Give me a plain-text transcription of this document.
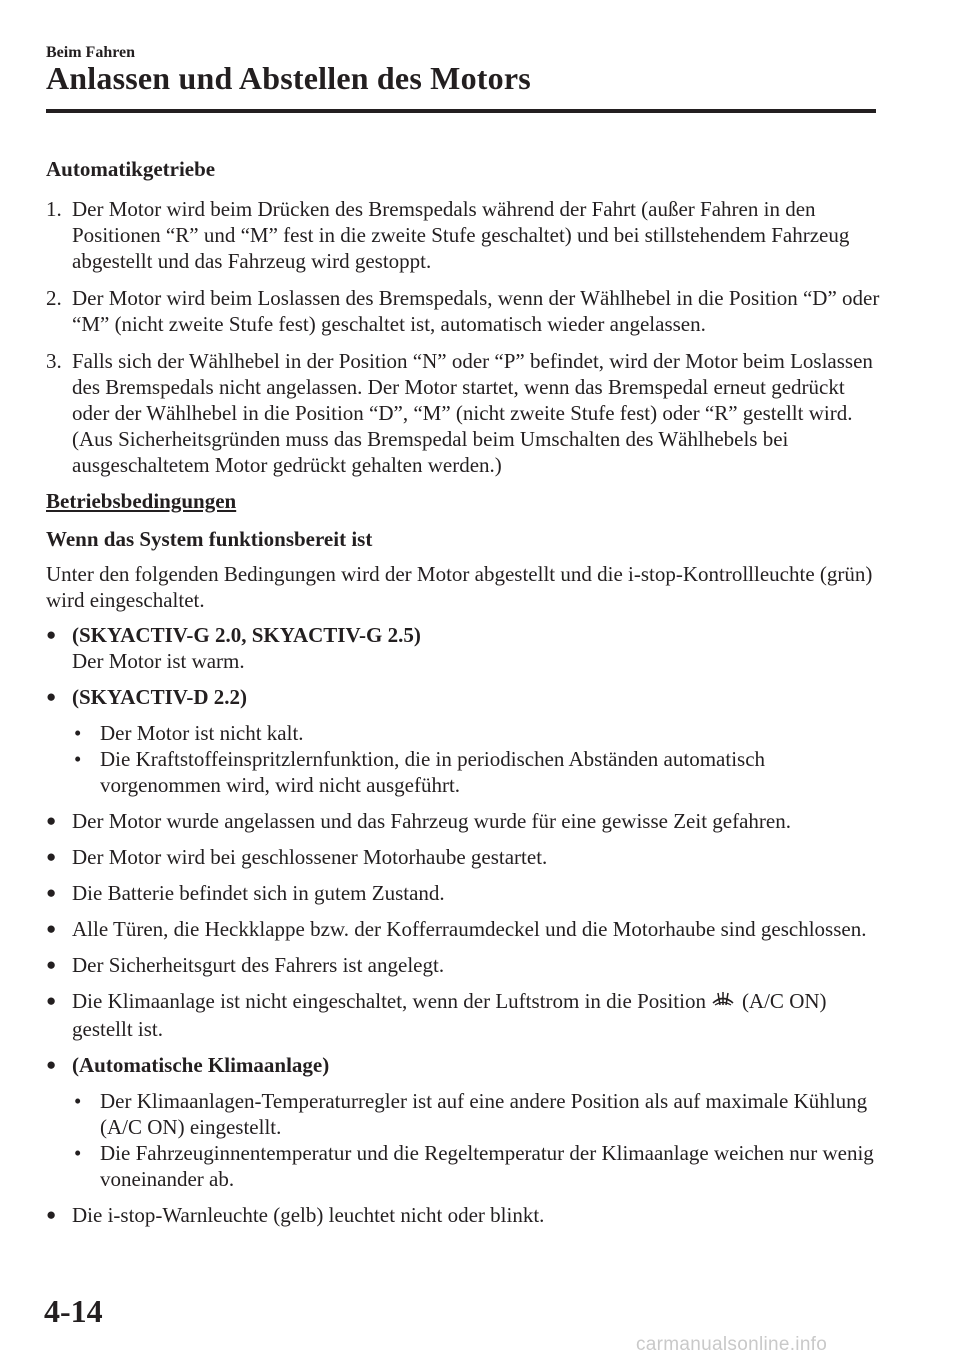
Beim Fahren
Anlassen und Abstellen des Motors

Automatikgetriebe

1. Der Motor wird beim Drücken des Bremspedals während der Fahrt (außer Fahren in den Positionen “R” und “M” fest in die zweite Stufe geschaltet) und bei stillstehendem Fahrzeug abgestellt und das Fahrzeug wird gestoppt.
2. Der Motor wird beim Loslassen des Bremspedals, wenn der Wählhebel in die Position “D” oder “M” (nicht zweite Stufe fest) geschaltet ist, automatisch wieder angelassen.
3. Falls sich der Wählhebel in der Position “N” oder “P” befindet, wird der Motor beim Loslassen des Bremspedals nicht angelassen. Der Motor startet, wenn das Bremspedal erneut gedrückt oder der Wählhebel in die Position “D”, “M” (nicht zweite Stufe fest) oder “R” gestellt wird. (Aus Sicherheitsgründen muss das Bremspedal beim Umschalten des Wählhebels bei ausgeschaltetem Motor gedrückt gehalten werden.)

Betriebsbedingungen

Wenn das System funktionsbereit ist

Unter den folgenden Bedingungen wird der Motor abgestellt und die i-stop-Kontrollleuchte (grün) wird eingeschaltet.

● (SKYACTIV-G 2.0, SKYACTIV-G 2.5)
Der Motor ist warm.
● (SKYACTIV-D 2.2)
• Der Motor ist nicht kalt.
• Die Kraftstoffeinspritzlernfunktion, die in periodischen Abständen automatisch vorgenommen wird, wird nicht ausgeführt.
● Der Motor wurde angelassen und das Fahrzeug wurde für eine gewisse Zeit gefahren.
● Der Motor wird bei geschlossener Motorhaube gestartet.
● Die Batterie befindet sich in gutem Zustand.
● Alle Türen, die Heckklappe bzw. der Kofferraumdeckel und die Motorhaube sind geschlossen.
● Der Sicherheitsgurt des Fahrers ist angelegt.
● Die Klimaanlage ist nicht eingeschaltet, wenn der Luftstrom in die Position (A/C ON) gestellt ist.
● (Automatische Klimaanlage)
• Der Klimaanlagen-Temperaturregler ist auf eine andere Position als auf maximale Kühlung (A/C ON) eingestellt.
• Die Fahrzeuginnentemperatur und die Regeltemperatur der Klimaanlage weichen nur wenig voneinander ab.
● Die i-stop-Warnleuchte (gelb) leuchtet nicht oder blinkt.
4-14
carmanualsonline.info
